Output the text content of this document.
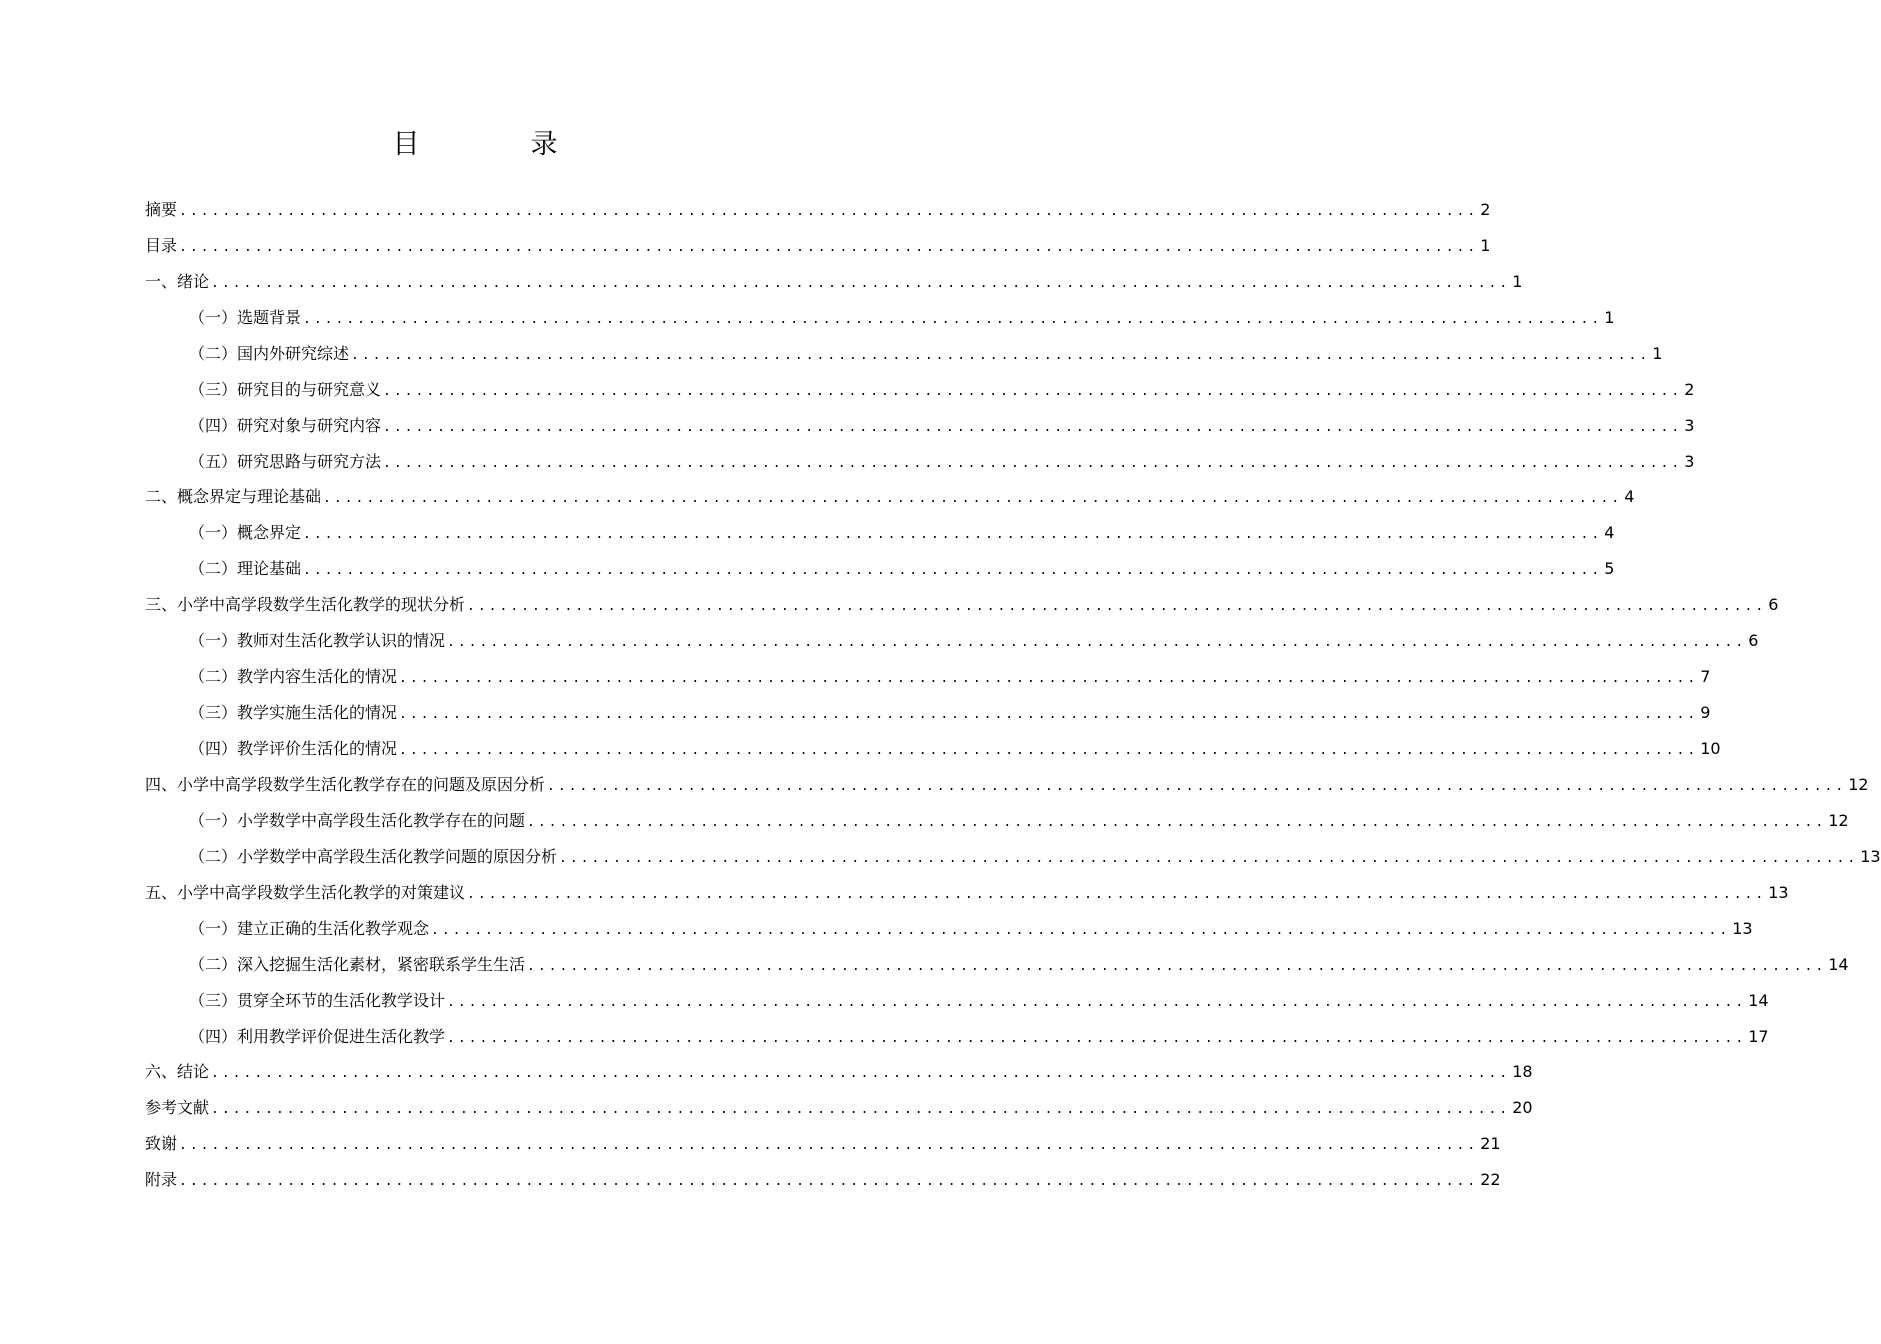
目　录
摘要 ........................................................................................................................ 2
目录 ........................................................................................................................ 1
一、绪论 ........................................................................................................................ 1
（一）选题背景 ........................................................................................................................ 1
（二）国内外研究综述 ........................................................................................................................ 1
（三）研究目的与研究意义 ........................................................................................................................ 2
（四）研究对象与研究内容 ........................................................................................................................ 3
（五）研究思路与研究方法 ........................................................................................................................ 3
二、概念界定与理论基础 ........................................................................................................................ 4
（一）概念界定 ........................................................................................................................ 4
（二）理论基础 ........................................................................................................................ 5
三、小学中高学段数学生活化教学的现状分析 ........................................................................................................................ 6
（一）教师对生活化教学认识的情况 ........................................................................................................................ 6
（二）教学内容生活化的情况 ........................................................................................................................ 7
（三）教学实施生活化的情况 ........................................................................................................................ 9
（四）教学评价生活化的情况 ........................................................................................................................ 10
四、小学中高学段数学生活化教学存在的问题及原因分析 ........................................................................................................................ 12
（一）小学数学中高学段生活化教学存在的问题 ........................................................................................................................ 12
（二）小学数学中高学段生活化教学问题的原因分析 ........................................................................................................................ 13
五、小学中高学段数学生活化教学的对策建议 ........................................................................................................................ 13
（一）建立正确的生活化教学观念 ........................................................................................................................ 13
（二）深入挖掘生活化素材，紧密联系学生生活 ........................................................................................................................ 14
（三）贯穿全环节的生活化教学设计 ........................................................................................................................ 14
（四）利用教学评价促进生活化教学 ........................................................................................................................ 17
六、结论 ........................................................................................................................ 18
参考文献 ........................................................................................................................ 20
致谢 ........................................................................................................................ 21
附录 ........................................................................................................................ 22
